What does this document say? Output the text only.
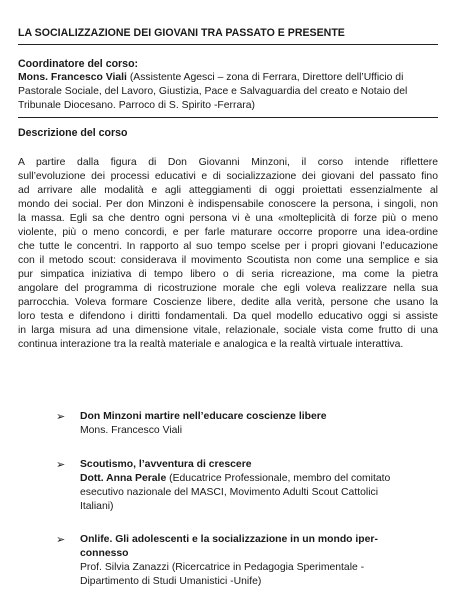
LA SOCIALIZZAZIONE DEI GIOVANI TRA PASSATO E PRESENTE
Coordinatore del corso:
Mons. Francesco Viali (Assistente Agesci – zona di Ferrara, Direttore dell’Ufficio di
Pastorale Sociale, del Lavoro, Giustizia, Pace e Salvaguardia del creato e Notaio del
Tribunale Diocesano. Parroco di S. Spirito -Ferrara)
Descrizione del corso
A partire dalla figura di Don Giovanni Minzoni, il corso intende riflettere
sull’evoluzione dei processi educativi e di socializzazione dei giovani del passato fino
ad arrivare alle modalità e agli atteggiamenti di oggi proiettati essenzialmente al
mondo dei social. Per don Minzoni è indispensabile conoscere la persona, i singoli, non
la massa. Egli sa che dentro ogni persona vi è una «molteplicità di forze più o meno
violente, più o meno concordi, e per farle maturare occorre proporre una idea-ordine
che tutte le concentri. In rapporto al suo tempo scelse per i propri giovani l’educazione
con il metodo scout: considerava il movimento Scoutista non come una semplice e sia
pur simpatica iniziativa di tempo libero o di seria ricreazione, ma come la pietra
angolare del programma di ricostruzione morale che egli voleva realizzare nella sua
parrocchia. Voleva formare Coscienze libere, dedite alla verità, persone che usano la
loro testa e difendono i diritti fondamentali. Da quel modello educativo oggi si assiste
in larga misura ad una dimensione vitale, relazionale, sociale vista come frutto di una
continua interazione tra la realtà materiale e analogica e la realtà virtuale interattiva.
➢ Don Minzoni martire nell’educare coscienze libere
Mons. Francesco Viali
➢ Scoutismo, l’avventura di crescere
Dott. Anna Perale (Educatrice Professionale, membro del comitato
esecutivo nazionale del MASCI, Movimento Adulti Scout Cattolici
Italiani)
➢ Onlife. Gli adolescenti e la socializzazione in un mondo iper-
connesso
Prof. Silvia Zanazzi (Ricercatrice in Pedagogia Sperimentale -
Dipartimento di Studi Umanistici -Unife)
